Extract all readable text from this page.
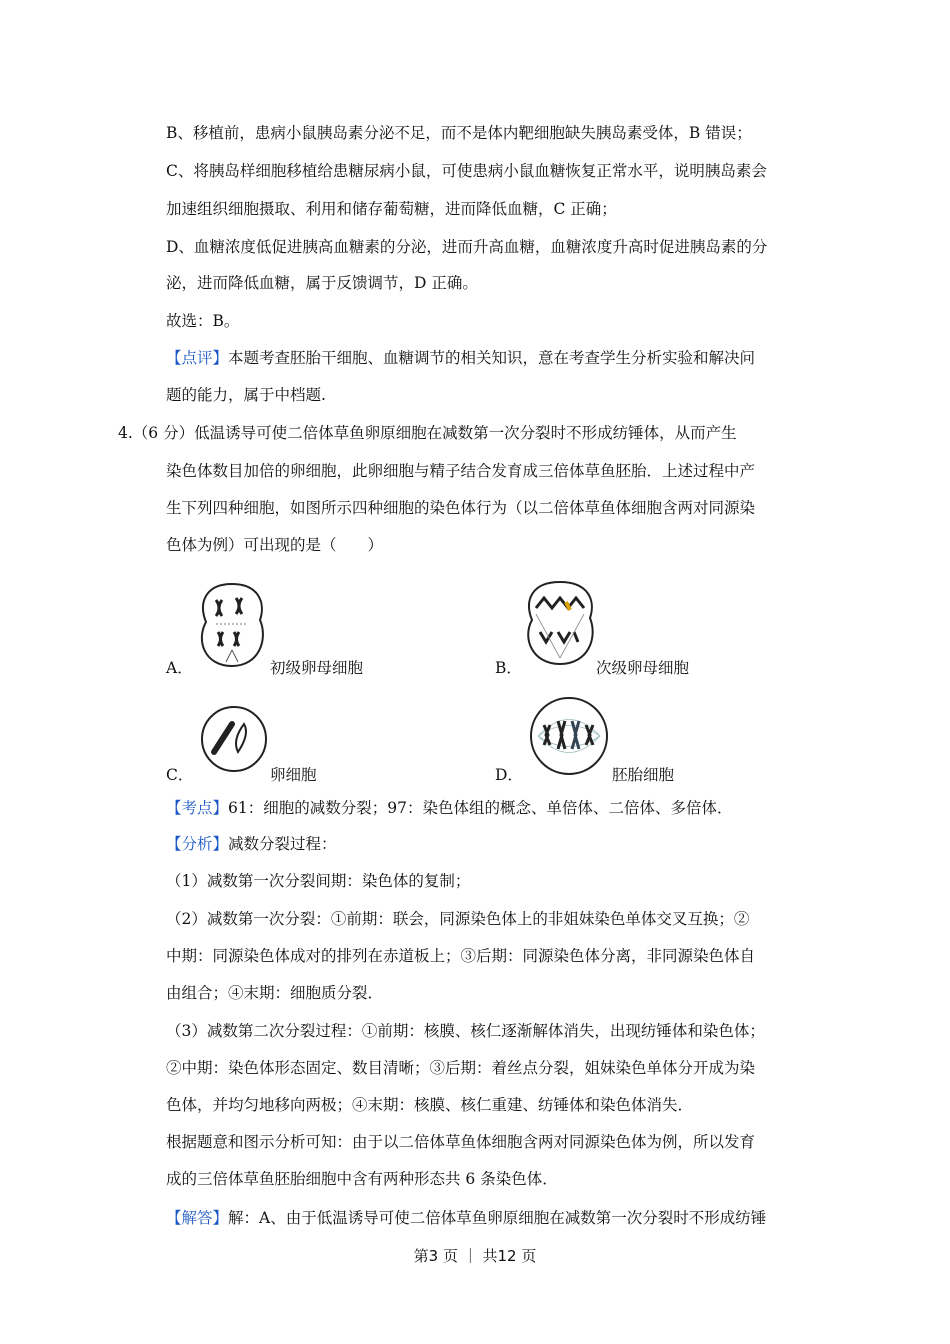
B、移植前，患病小鼠胰岛素分泌不足，而不是体内靶细胞缺失胰岛素受体，B 错误；
C、将胰岛样细胞移植给患糖尿病小鼠，可使患病小鼠血糖恢复正常水平，说明胰岛素会
加速组织细胞摄取、利用和储存葡萄糖，进而降低血糖，C 正确；
D、血糖浓度低促进胰高血糖素的分泌，进而升高血糖，血糖浓度升高时促进胰岛素的分
泌，进而降低血糖，属于反馈调节，D 正确。
故选：B。
【点评】本题考查胚胎干细胞、血糖调节的相关知识，意在考查学生分析实验和解决问
题的能力，属于中档题.
4.（6 分）低温诱导可使二倍体草鱼卵原细胞在减数第一次分裂时不形成纺锤体，从而产生
染色体数目加倍的卵细胞，此卵细胞与精子结合发育成三倍体草鱼胚胎．上述过程中产
生下列四种细胞，如图所示四种细胞的染色体行为（以二倍体草鱼体细胞含两对同源染
色体为例）可出现的是（　　）
A．	初级卵母细胞	B．	次级卵母细胞
C．	卵细胞	D．	胚胎细胞
【考点】61：细胞的减数分裂；97：染色体组的概念、单倍体、二倍体、多倍体．
【分析】减数分裂过程：
（1）减数第一次分裂间期：染色体的复制；
（2）减数第一次分裂：①前期：联会，同源染色体上的非姐妹染色单体交叉互换；②
中期：同源染色体成对的排列在赤道板上；③后期：同源染色体分离，非同源染色体自
由组合；④末期：细胞质分裂．
（3）减数第二次分裂过程：①前期：核膜、核仁逐渐解体消失，出现纺锤体和染色体；
②中期：染色体形态固定、数目清晰；③后期：着丝点分裂，姐妹染色单体分开成为染
色体，并均匀地移向两极；④末期：核膜、核仁重建、纺锤体和染色体消失．
根据题意和图示分析可知：由于以二倍体草鱼体细胞含两对同源染色体为例，所以发育
成的三倍体草鱼胚胎细胞中含有两种形态共 6 条染色体．
【解答】解：A、由于低温诱导可使二倍体草鱼卵原细胞在减数第一次分裂时不形成纺锤
第3 页 ｜ 共12 页
